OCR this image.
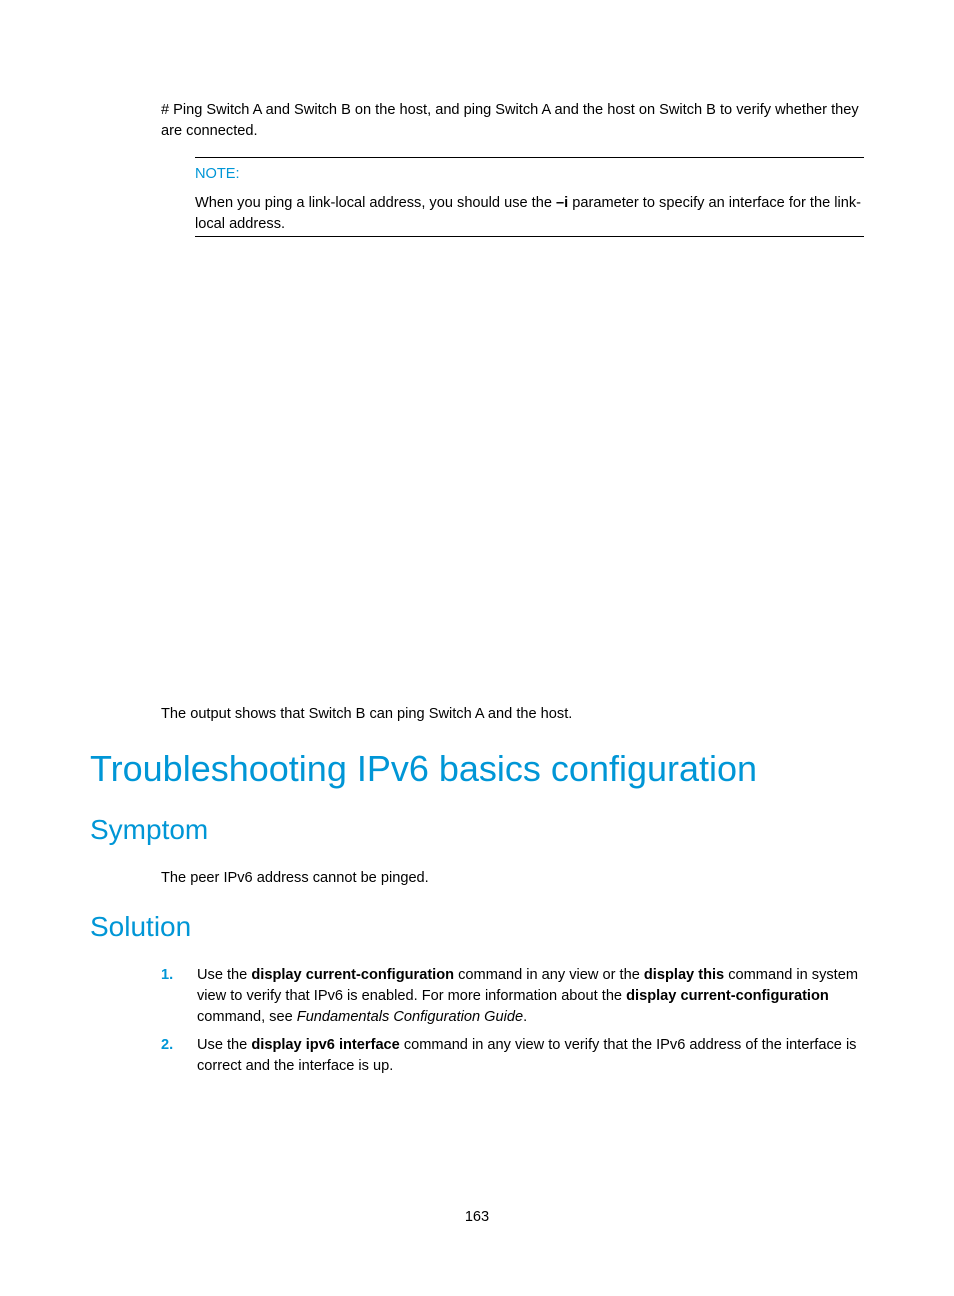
# Ping Switch A and Switch B on the host, and ping Switch A and the host on Switch B to verify whether they are connected.
NOTE:
When you ping a link-local address, you should use the –i parameter to specify an interface for the link-local address.
The output shows that Switch B can ping Switch A and the host.
Troubleshooting IPv6 basics configuration
Symptom
The peer IPv6 address cannot be pinged.
Solution
1. Use the display current-configuration command in any view or the display this command in system view to verify that IPv6 is enabled. For more information about the display current-configuration command, see Fundamentals Configuration Guide.
2. Use the display ipv6 interface command in any view to verify that the IPv6 address of the interface is correct and the interface is up.
163
